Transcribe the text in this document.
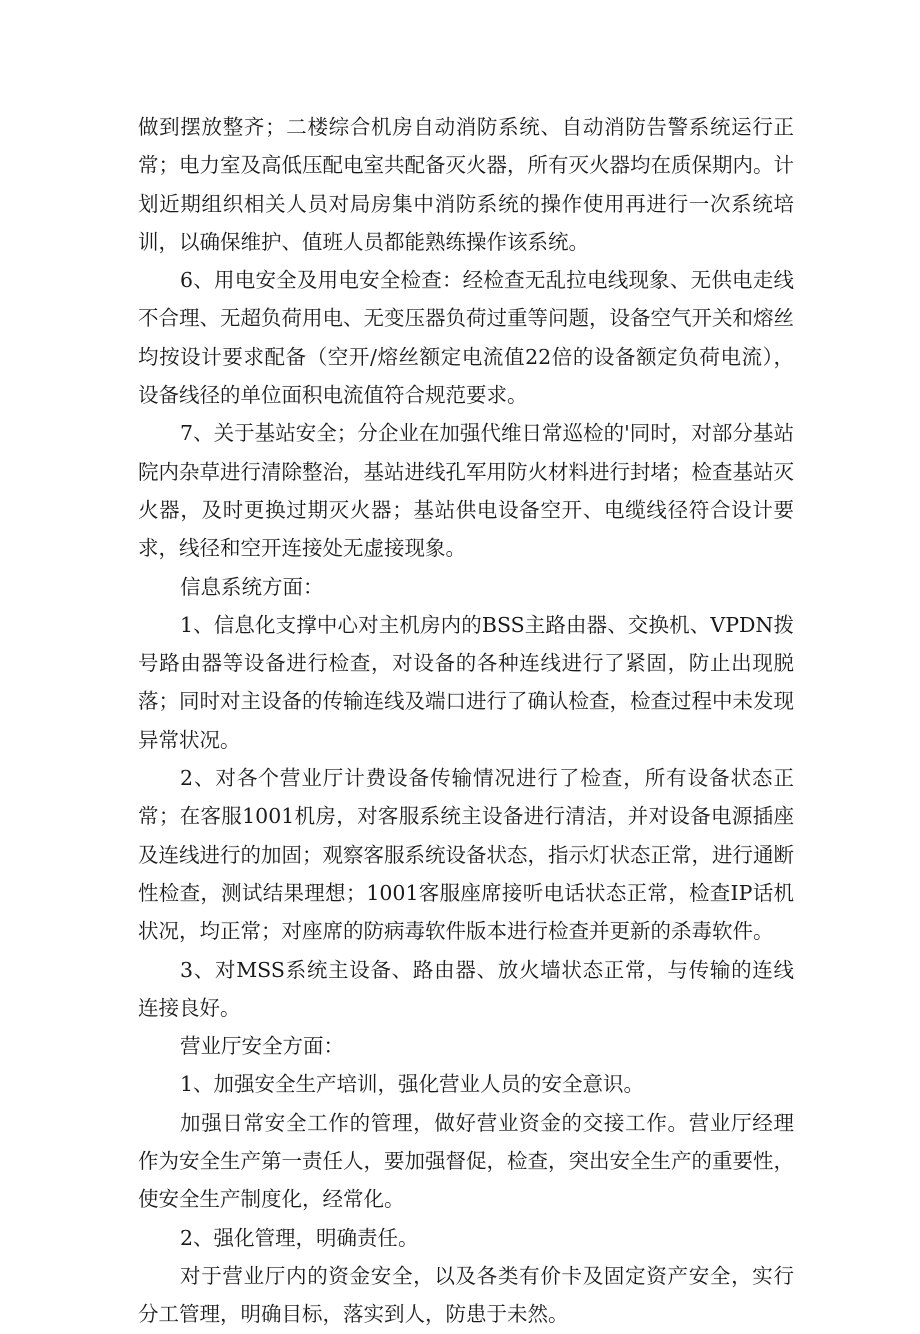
做到摆放整齐；二楼综合机房自动消防系统、自动消防告警系统运行正常；电力室及高低压配电室共配备灭火器，所有灭火器均在质保期内。计划近期组织相关人员对局房集中消防系统的操作使用再进行一次系统培训，以确保维护、值班人员都能熟练操作该系统。

6、用电安全及用电安全检查：经检查无乱拉电线现象、无供电走线不合理、无超负荷用电、无变压器负荷过重等问题，设备空气开关和熔丝均按设计要求配备（空开/熔丝额定电流值22倍的设备额定负荷电流），设备线径的单位面积电流值符合规范要求。

7、关于基站安全；分企业在加强代维日常巡检的'同时，对部分基站院内杂草进行清除整治，基站进线孔军用防火材料进行封堵；检查基站灭火器，及时更换过期灭火器；基站供电设备空开、电缆线径符合设计要求，线径和空开连接处无虚接现象。

信息系统方面：

1、信息化支撑中心对主机房内的BSS主路由器、交换机、VPDN拨号路由器等设备进行检查，对设备的各种连线进行了紧固，防止出现脱落；同时对主设备的传输连线及端口进行了确认检查，检查过程中未发现异常状况。

2、对各个营业厅计费设备传输情况进行了检查，所有设备状态正常；在客服1001机房，对客服系统主设备进行清洁，并对设备电源插座及连线进行的加固；观察客服系统设备状态，指示灯状态正常，进行通断性检查，测试结果理想；1001客服座席接听电话状态正常，检查IP话机状况，均正常；对座席的防病毒软件版本进行检查并更新的杀毒软件。

3、对MSS系统主设备、路由器、放火墙状态正常，与传输的连线连接良好。

营业厅安全方面：

1、加强安全生产培训，强化营业人员的安全意识。

加强日常安全工作的管理，做好营业资金的交接工作。营业厅经理作为安全生产第一责任人，要加强督促，检查，突出安全生产的重要性，使安全生产制度化，经常化。

2、强化管理，明确责任。

对于营业厅内的资金安全，以及各类有价卡及固定资产安全，实行分工管理，明确目标，落实到人，防患于未然。
